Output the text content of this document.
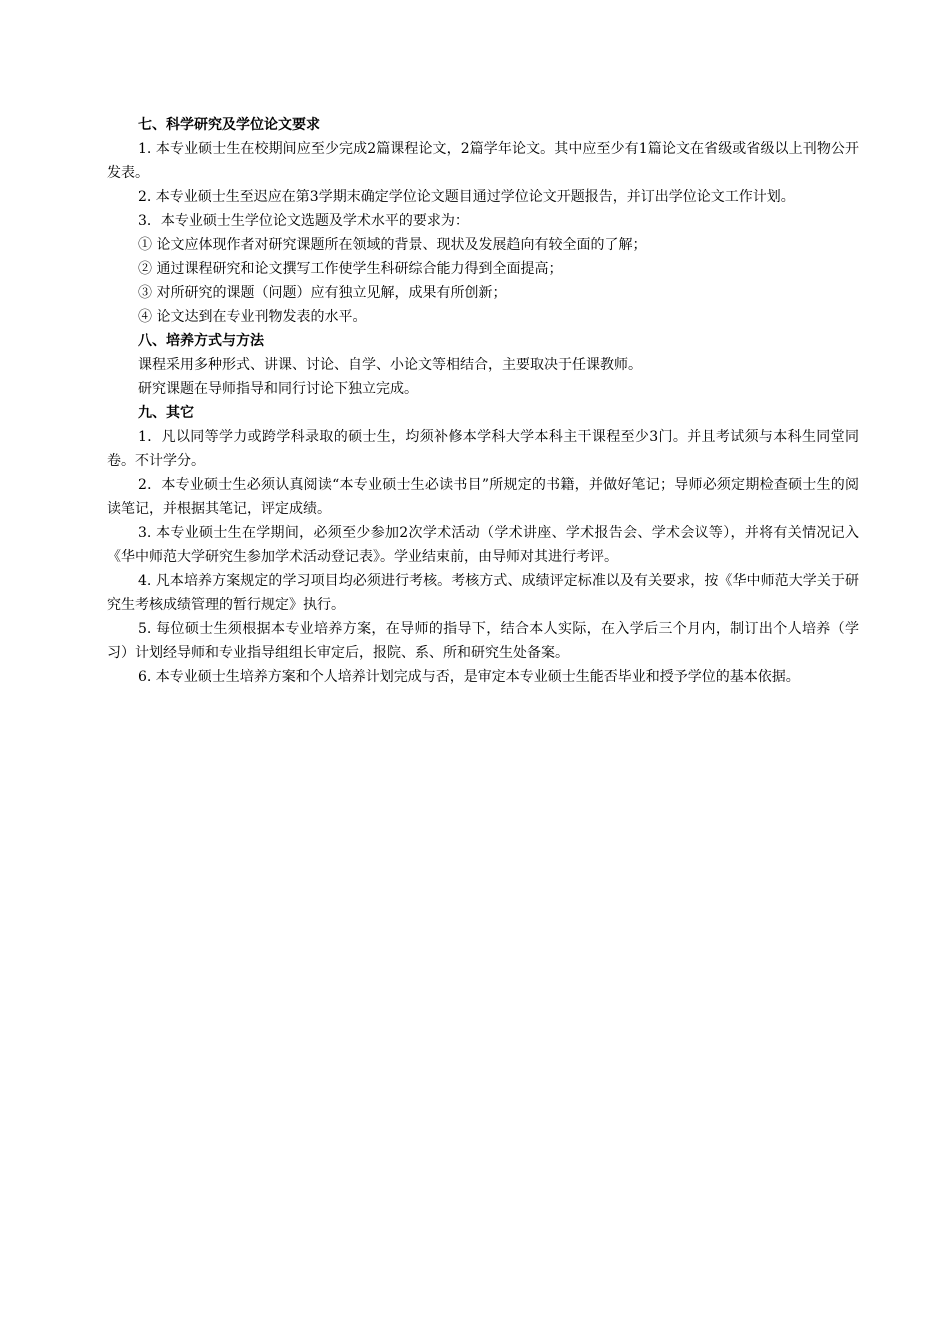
七、科学研究及学位论文要求

1. 本专业硕士生在校期间应至少完成2篇课程论文，2篇学年论文。其中应至少有1篇论文在省级或省级以上刊物公开发表。

2. 本专业硕士生至迟应在第3学期末确定学位论文题目通过学位论文开题报告，并订出学位论文工作计划。

3．本专业硕士生学位论文选题及学术水平的要求为：

① 论文应体现作者对研究课题所在领域的背景、现状及发展趋向有较全面的了解；

② 通过课程研究和论文撰写工作使学生科研综合能力得到全面提高；

③ 对所研究的课题（问题）应有独立见解，成果有所创新；

④ 论文达到在专业刊物发表的水平。

八、培养方式与方法

课程采用多种形式、讲课、讨论、自学、小论文等相结合，主要取决于任课教师。

研究课题在导师指导和同行讨论下独立完成。

九、其它

1．凡以同等学力或跨学科录取的硕士生，均须补修本学科大学本科主干课程至少3门。并且考试须与本科生同堂同卷。不计学分。

2．本专业硕士生必须认真阅读“本专业硕士生必读书目”所规定的书籍，并做好笔记；导师必须定期检查硕士生的阅读笔记，并根据其笔记，评定成绩。

3. 本专业硕士生在学期间，必须至少参加2次学术活动（学术讲座、学术报告会、学术会议等），并将有关情况记入《华中师范大学研究生参加学术活动登记表》。学业结束前，由导师对其进行考评。

4. 凡本培养方案规定的学习项目均必须进行考核。考核方式、成绩评定标准以及有关要求，按《华中师范大学关于研究生考核成绩管理的暂行规定》执行。

5. 每位硕士生须根据本专业培养方案，在导师的指导下，结合本人实际，在入学后三个月内，制订出个人培养（学习）计划经导师和专业指导组组长审定后，报院、系、所和研究生处备案。

6. 本专业硕士生培养方案和个人培养计划完成与否，是审定本专业硕士生能否毕业和授予学位的基本依据。
